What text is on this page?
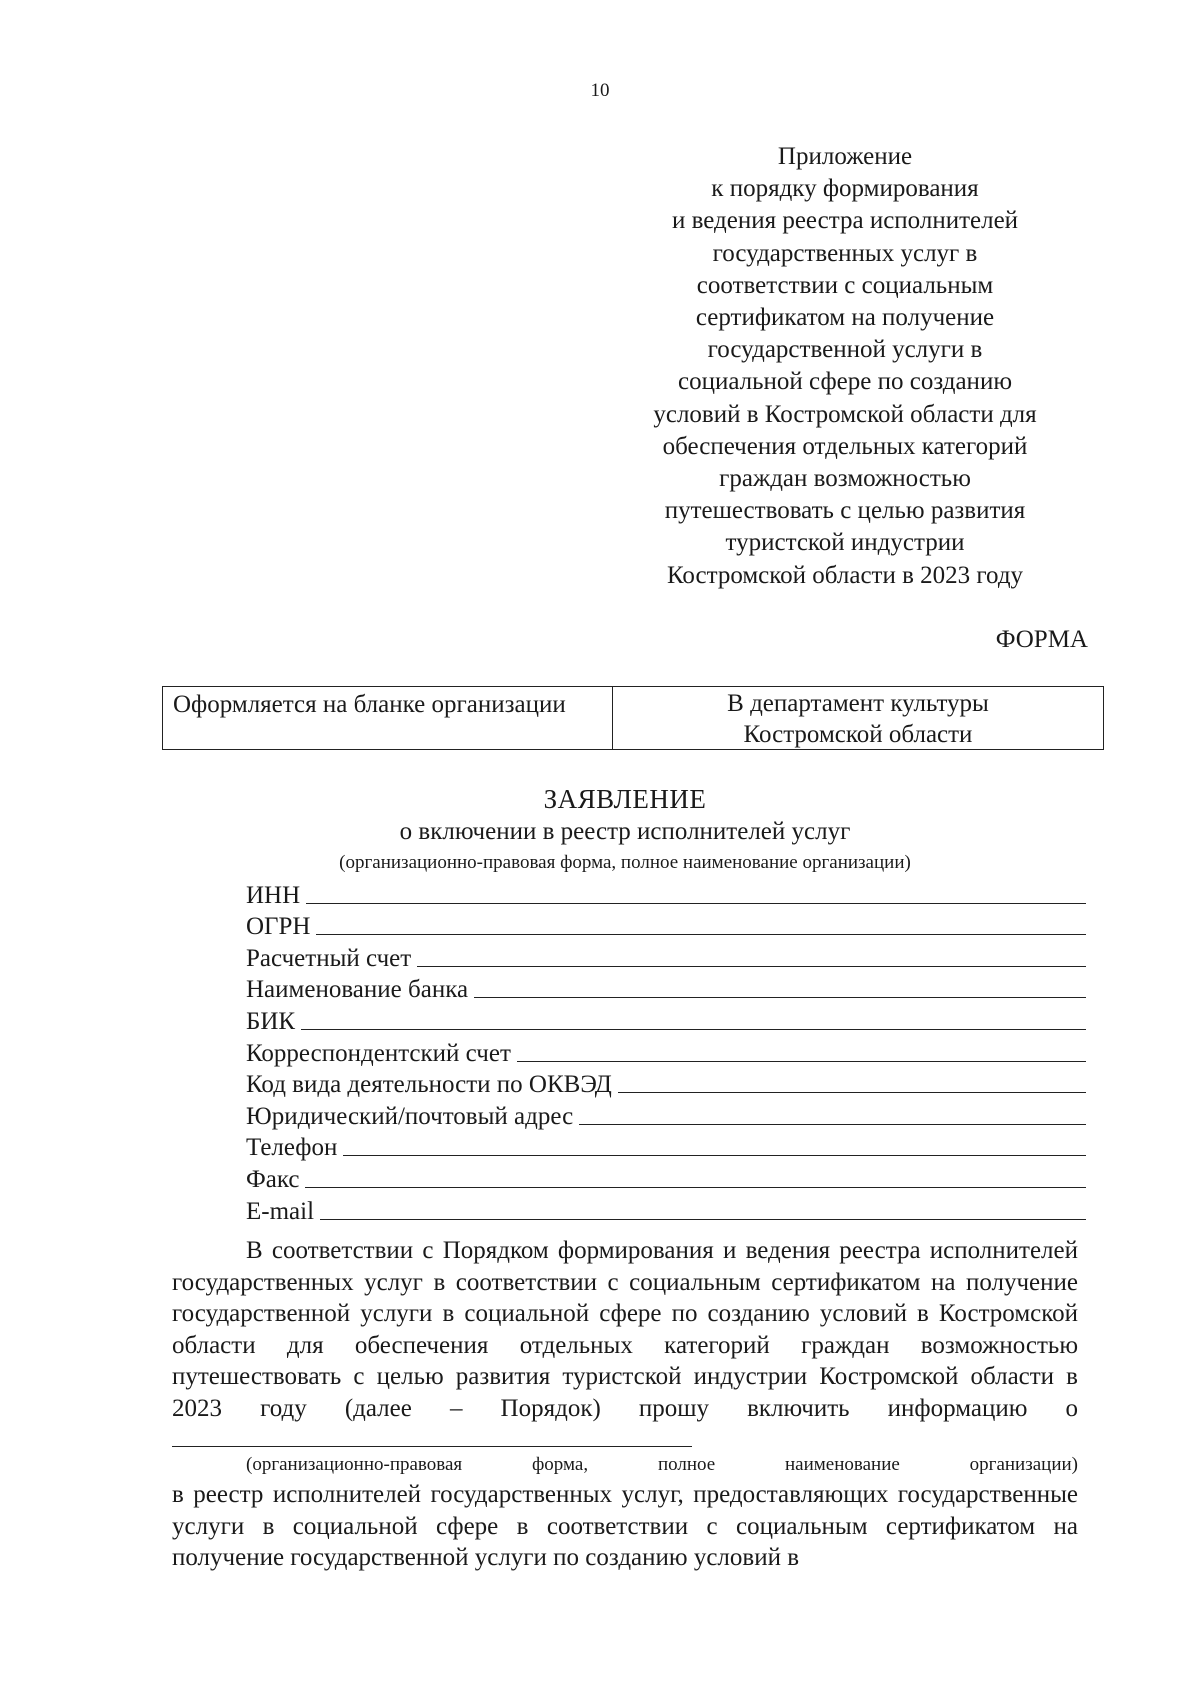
10
Приложение
к порядку формирования
и ведения реестра исполнителей
государственных услуг в
соответствии с социальным
сертификатом на получение
государственной услуги в
социальной сфере по созданию
условий в Костромской области для
обеспечения отдельных категорий
граждан возможностью
путешествовать с целью развития
туристской индустрии
Костромской области в 2023 году
ФОРМА
Оформляется на бланке организации	В департамент культуры
Костромской области
ЗАЯВЛЕНИЕ
о включении в реестр исполнителей услуг
(организационно-правовая форма, полное наименование организации)
ИНН
ОГРН
Расчетный счет
Наименование банка
БИК
Корреспондентский счет
Код вида деятельности по ОКВЭД
Юридический/почтовый адрес
Телефон
Факс
E-mail
В соответствии с Порядком формирования и ведения реестра исполнителей государственных услуг в соответствии с социальным сертификатом на получение государственной услуги в социальной сфере по созданию условий в Костромской области для обеспечения отдельных категорий граждан возможностью путешествовать с целью развития туристской индустрии Костромской области в 2023 году (далее – Порядок) прошу включить информацию о
(организационно-правовая	форма,	полное	наименование	организации)
в реестр исполнителей государственных услуг, предоставляющих государственные услуги в социальной сфере в соответствии с социальным сертификатом на получение государственной услуги по созданию условий в
